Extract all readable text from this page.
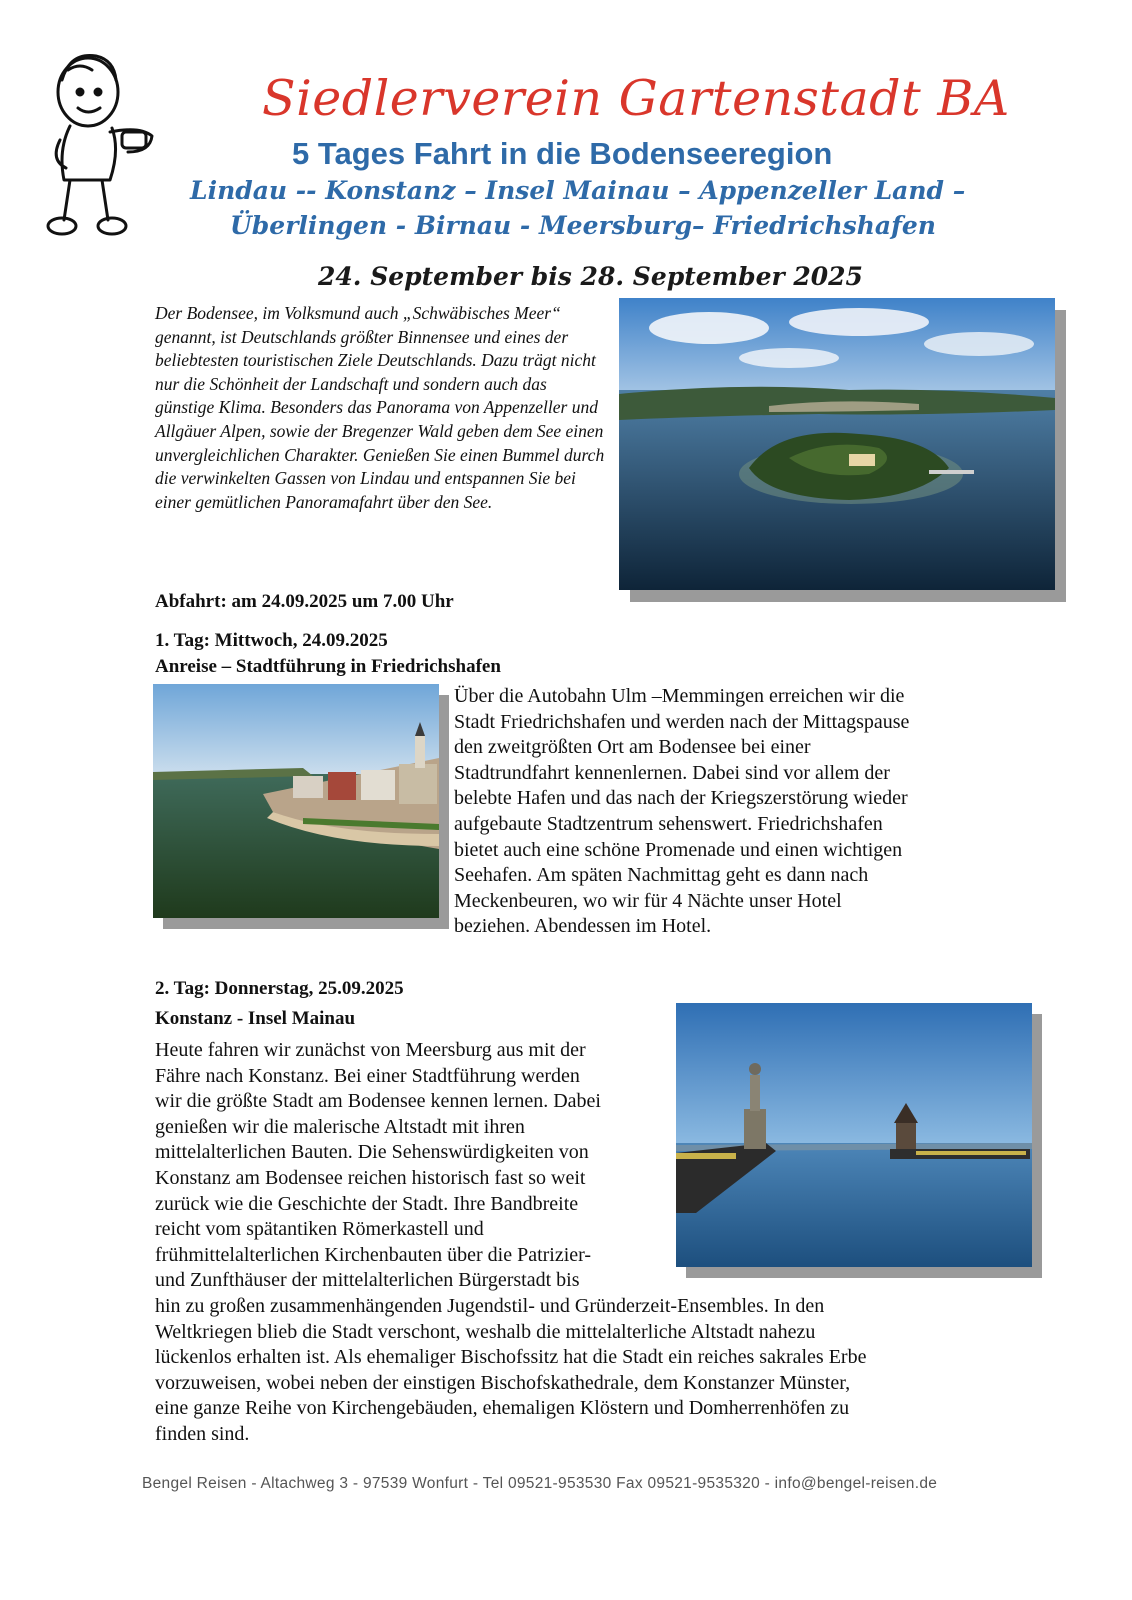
Siedlerverein Gartenstadt BA
5 Tages Fahrt in die Bodenseeregion
Lindau -- Konstanz – Insel Mainau – Appenzeller Land –
Überlingen - Birnau - Meersburg– Friedrichshafen
24. September bis 28. September 2025
Der Bodensee, im Volksmund auch „Schwäbisches Meer“ genannt, ist Deutschlands größter Binnensee und eines der beliebtesten touristischen Ziele Deutschlands. Dazu trägt nicht nur die Schönheit der Landschaft und sondern auch das günstige Klima. Besonders das Panorama von Appenzeller und Allgäuer Alpen, sowie der Bregenzer Wald geben dem See einen unvergleichlichen Charakter. Genießen Sie einen Bummel durch die verwinkelten Gassen von Lindau und entspannen Sie bei einer gemütlichen Panoramafahrt über den See.
Abfahrt: am 24.09.2025 um 7.00 Uhr
1. Tag: Mittwoch, 24.09.2025
Anreise – Stadtführung in Friedrichshafen
Über die Autobahn Ulm –Memmingen erreichen wir die
Stadt Friedrichshafen und werden nach der Mittagspause
den zweitgrößten Ort am Bodensee bei einer
Stadtrundfahrt kennenlernen. Dabei sind vor allem der
belebte Hafen und das nach der Kriegszerstörung wieder
aufgebaute Stadtzentrum sehenswert. Friedrichshafen
bietet auch eine schöne Promenade und einen wichtigen
Seehafen. Am späten Nachmittag geht es dann nach
Meckenbeuren, wo wir für 4 Nächte unser Hotel
beziehen. Abendessen im Hotel.
2. Tag: Donnerstag, 25.09.2025
Konstanz - Insel Mainau
Heute fahren wir zunächst von Meersburg aus mit der
Fähre nach Konstanz. Bei einer Stadtführung werden
wir die größte Stadt am Bodensee kennen lernen. Dabei
genießen wir die malerische Altstadt mit ihren
mittelalterlichen Bauten. Die Sehenswürdigkeiten von
Konstanz am Bodensee reichen historisch fast so weit
zurück wie die Geschichte der Stadt. Ihre Bandbreite
reicht vom spätantiken Römerkastell und
frühmittelalterlichen Kirchenbauten über die Patrizier-
und Zunfthäuser der mittelalterlichen Bürgerstadt bis
hin zu großen zusammenhängenden Jugendstil- und Gründerzeit-Ensembles. In den
Weltkriegen blieb die Stadt verschont, weshalb die mittelalterliche Altstadt nahezu
lückenlos erhalten ist. Als ehemaliger Bischofssitz hat die Stadt ein reiches sakrales Erbe
vorzuweisen, wobei neben der einstigen Bischofskathedrale, dem Konstanzer Münster,
eine ganze Reihe von Kirchengebäuden, ehemaligen Klöstern und Domherrenhöfen zu
finden sind.
Bengel Reisen - Altachweg 3 - 97539 Wonfurt - Tel 09521-953530 Fax 09521-9535320 - info@bengel-reisen.de
